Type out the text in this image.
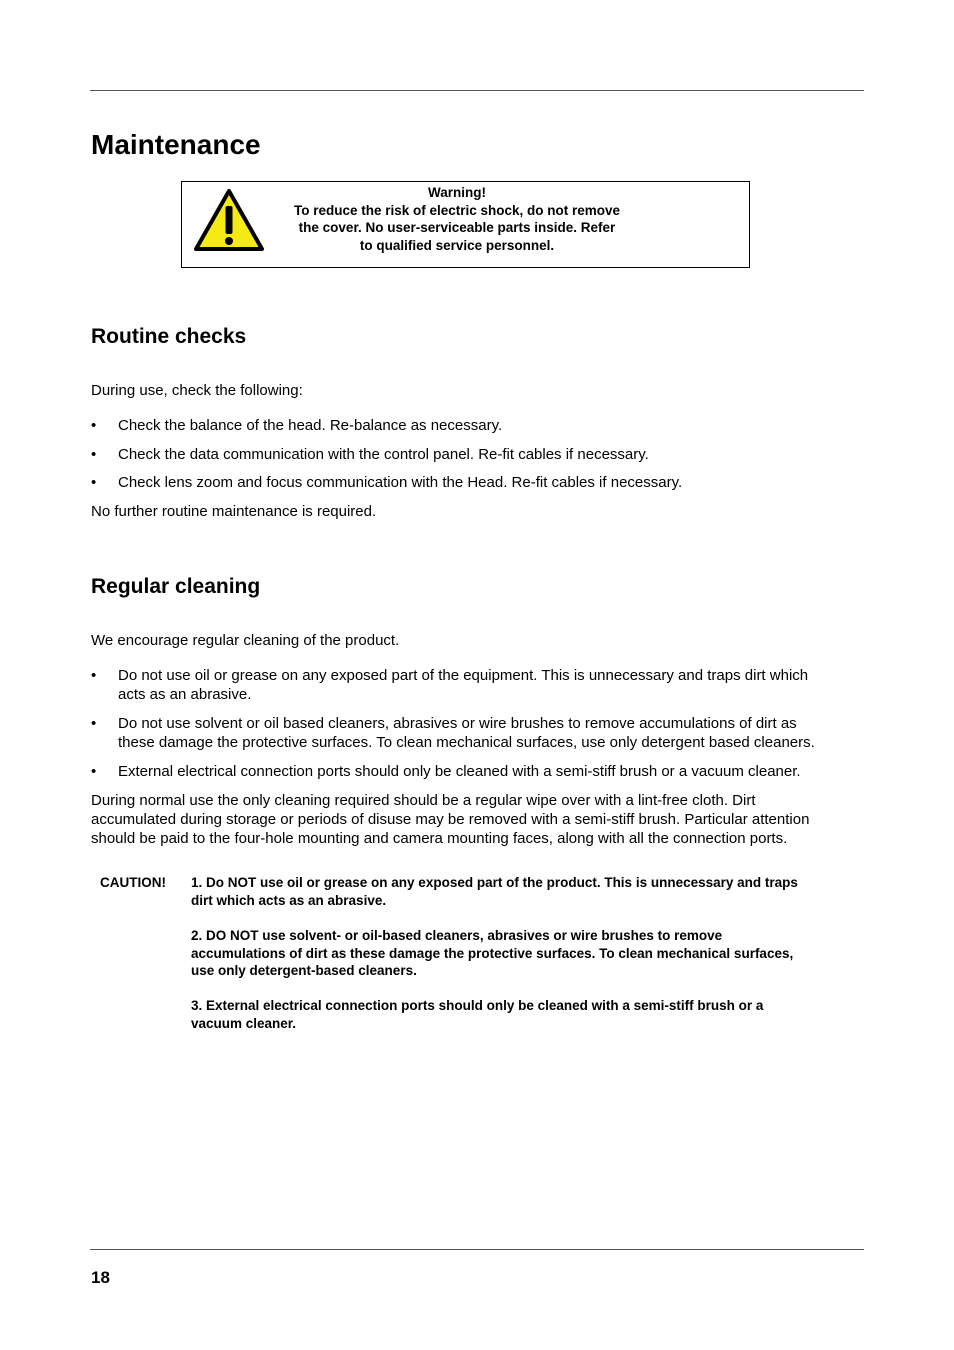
Maintenance
Warning!
To reduce the risk of electric shock, do not remove
the cover. No user-serviceable parts inside. Refer
to qualified service personnel.
Routine checks

During use, check the following:

• Check the balance of the head. Re-balance as necessary.
• Check the data communication with the control panel. Re-fit cables if necessary.
• Check lens zoom and focus communication with the Head. Re-fit cables if necessary.

No further routine maintenance is required.

Regular cleaning

We encourage regular cleaning of the product.

• Do not use oil or grease on any exposed part of the equipment. This is unnecessary and traps dirt which
acts as an abrasive.
• Do not use solvent or oil based cleaners, abrasives or wire brushes to remove accumulations of dirt as
these damage the protective surfaces. To clean mechanical surfaces, use only detergent based cleaners.
• External electrical connection ports should only be cleaned with a semi-stiff brush or a vacuum cleaner.
During normal use the only cleaning required should be a regular wipe over with a lint-free cloth. Dirt
accumulated during storage or periods of disuse may be removed with a semi-stiff brush. Particular attention
should be paid to the four-hole mounting and camera mounting faces, along with all the connection ports.
CAUTION! 1. Do NOT use oil or grease on any exposed part of the product. This is unnecessary and traps
dirt which acts as an abrasive.
2. DO NOT use solvent- or oil-based cleaners, abrasives or wire brushes to remove
accumulations of dirt as these damage the protective surfaces. To clean mechanical surfaces,
use only detergent-based cleaners.
3. External electrical connection ports should only be cleaned with a semi-stiff brush or a
vacuum cleaner.
18
